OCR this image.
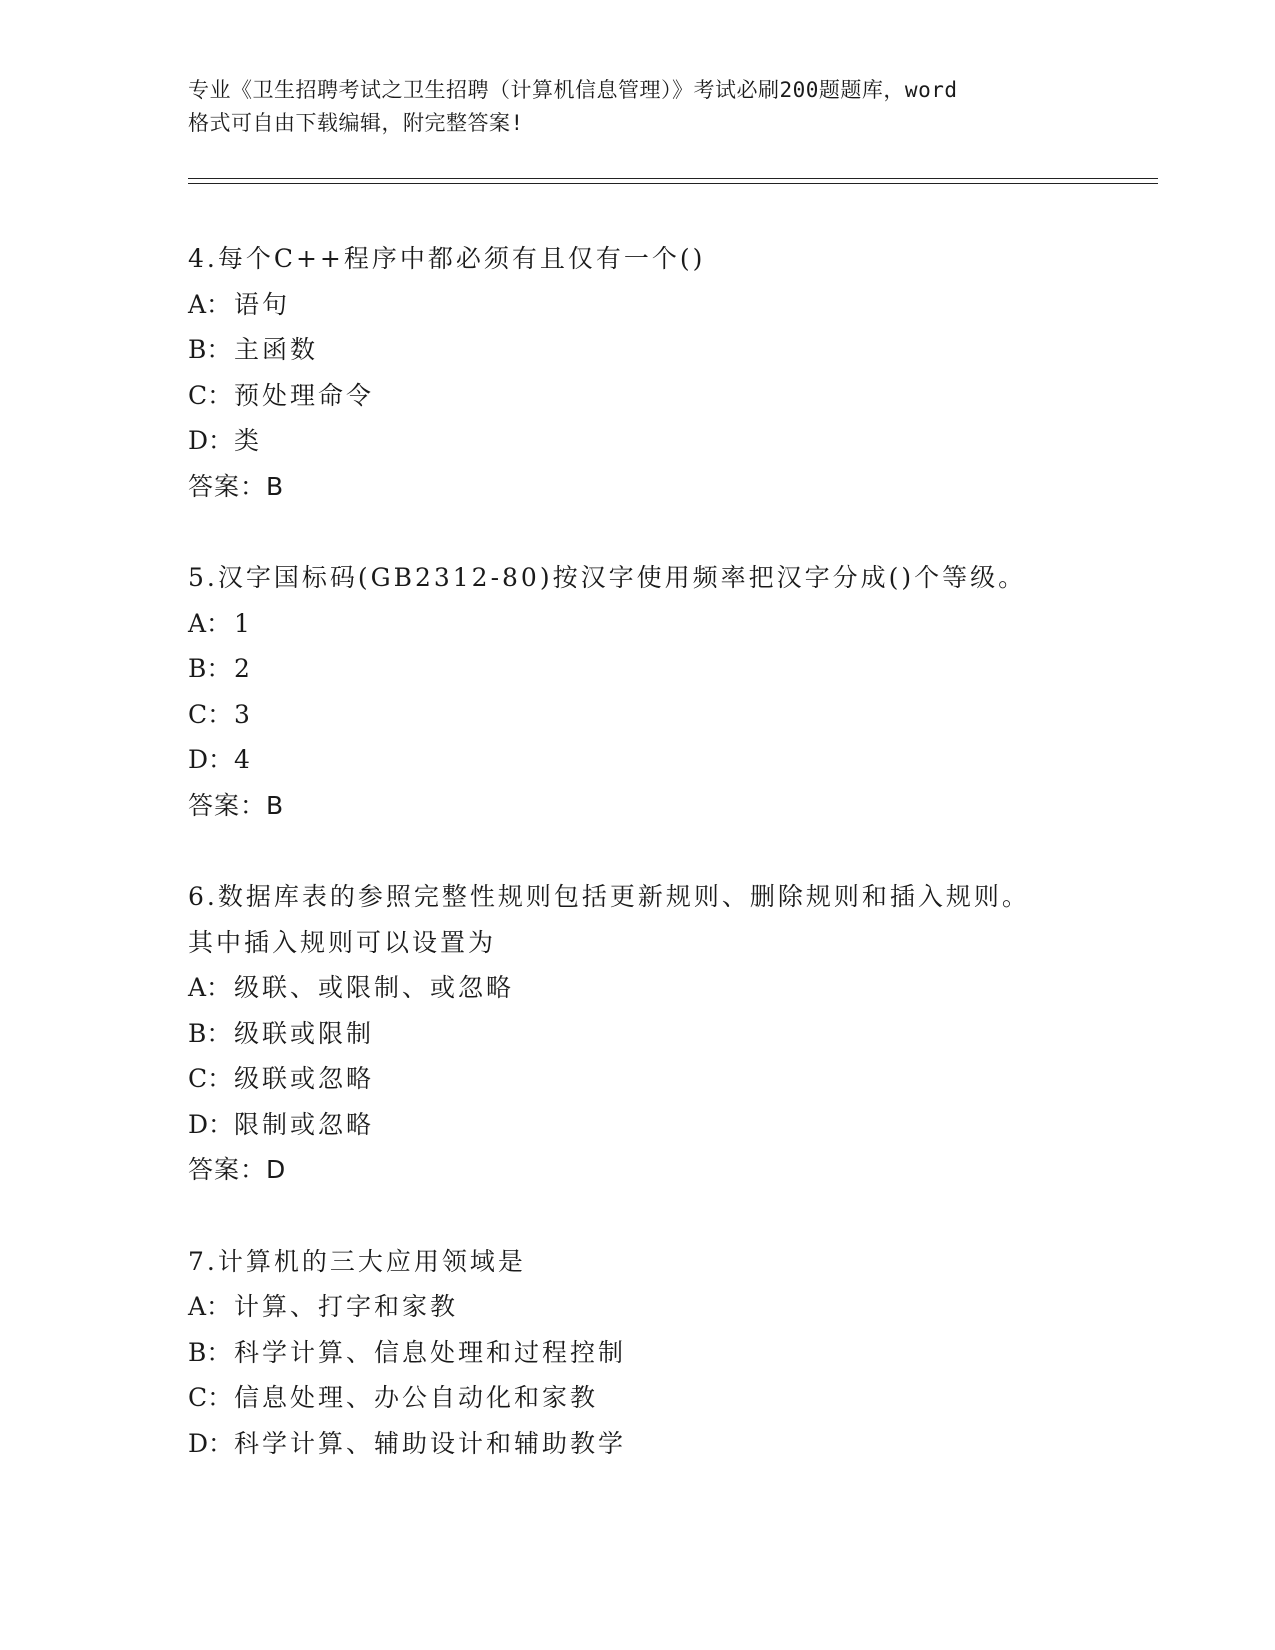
专业《卫生招聘考试之卫生招聘（计算机信息管理）》考试必刷200题题库，word
格式可自由下载编辑，附完整答案!
4.每个C++程序中都必须有且仅有一个()
A： 语句
B： 主函数
C：预处理命令
D：类
答案：B
5.汉字国标码(GB2312-80)按汉字使用频率把汉字分成()个等级。
A： 1
B： 2
C：3
D：4
答案：B
6.数据库表的参照完整性规则包括更新规则、删除规则和插入规则。
其中插入规则可以设置为
A： 级联、或限制、或忽略
B： 级联或限制
C：级联或忽略
D：限制或忽略
答案：D
7.计算机的三大应用领域是
A： 计算、打字和家教
B： 科学计算、信息处理和过程控制
C：信息处理、办公自动化和家教
D：科学计算、辅助设计和辅助教学
